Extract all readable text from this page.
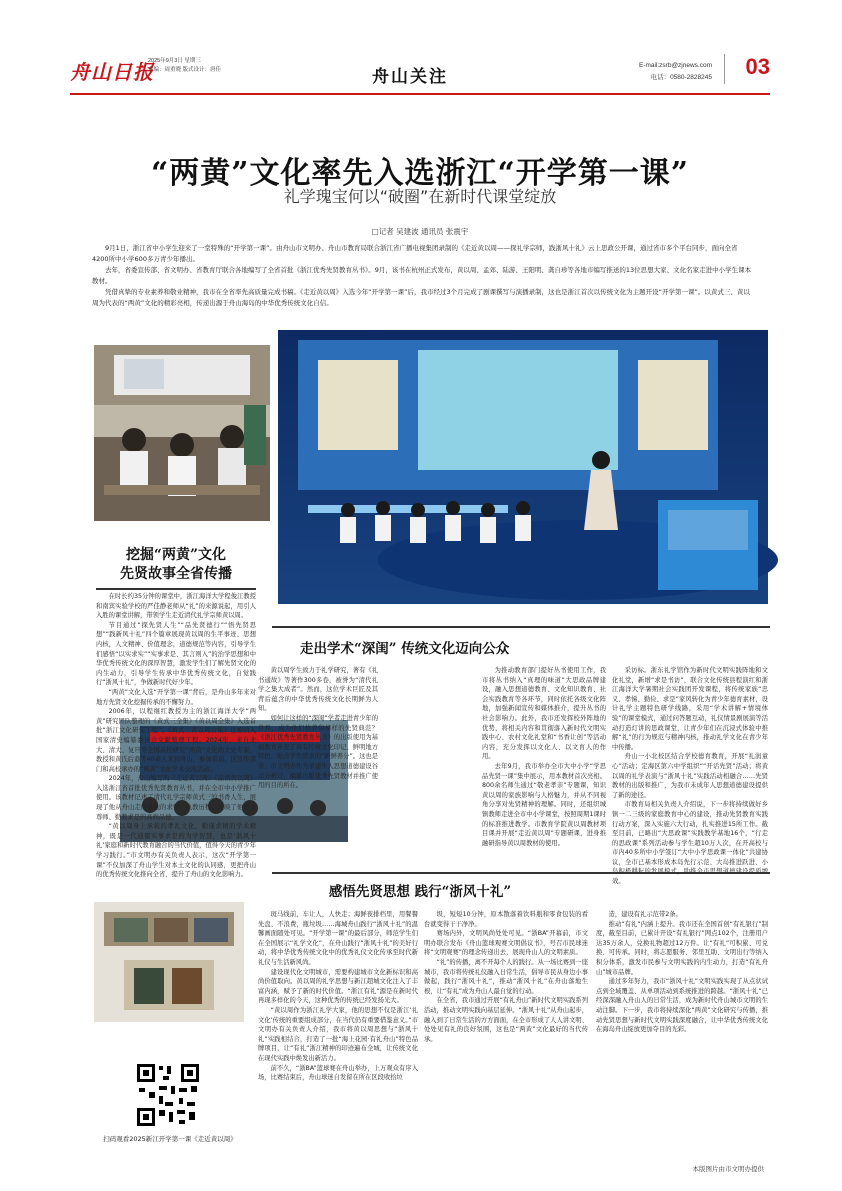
舟山日报
2025年9月3日 星期三
主编：周重晓 版式设计：唐佳	舟山关注
E-mail:zsrb@zjnews.com
电话：0580-2828245	03
“两黄”文化率先入选浙江“开学第一课”
礼学瑰宝何以“破圈”在新时代课堂绽放
□记者 吴建波 通讯员 张震宇

9月1日，浙江省中小学生迎来了一堂特殊的“开学第一课”。由舟山市文明办、舟山市教育局联合浙江省广播电视集团录制的《走近黄以周——探礼学宗师，践浙风十礼》云上思政公开课，通过省市多个平台同步，面向全省4200所中小学600多万青少年播出。

去年，省委宣传部、省文明办、省教育厅联合各地编写了全省首批《浙江优秀先贤教育丛书》。9月，该书在杭州正式发布，黄以周、孟郊、陆游、王阳明、龚自珍等各地市编写推送的13位思想大家、文化名家走进中小学生课本教材。

凭借真挚的专业素养和敬业精神，我市在全省率先高质量完成书稿。《走近黄以周》入选今年“开学第一课”后，我市经过3个月完成了剧课撰写与演播录制，这也是浙江首次以传统文化为主题开设“开学第一课”。以黄式三、黄以周为代表的“两黄”文化的精彩亮相，传递出源于舟山海岛的中华优秀传统文化自信。

挖掘“两黄”文化
先贤故事全省传播

在时长约35分钟的课堂中，浙江海洋大学程俊江教授和南宾实验学校的严佳静老师从“礼”的来源说起，用引人入胜的课堂讲解，带领学生走近清代礼学宗师黄以周。

节目通过“探先贤人生”“品先贤德行”“悟先贤思想”“践新风十礼”四个篇章展现黄以周的生平事迹、思想内核，人文精神、价值理念，道德规范等内容，引导学生们感悟“以实求实”“实事求是、其言则入”的治学思想和中华优秀传统文化的深厚智慧，激发学生们了解先贤文化的内生动力，引导学生传承中华优秀传统文化，自觉践行“浙风十礼”，争做新时代好少年。

“两黄”文化入选“开学第一课”背后，是舟山多年来对地方先贤文化挖掘传承的不懈努力。

2006年，以程继红教授为主的浙江海洋大学“两黄”研究团队整理的《黄式三全集》《黄以周全集》入选首批“浙江文化研究工程”。《黄式三黄以周合集》也被纳入国家清史编纂委员会文献整理工程。2024年，来自北大、清大、复旦等全国高校研究“两黄”文化的文史专家，教授和黄氏后裔等40余人来到舟山，参加首届，区宣传部门和高校承办的“两黄”文化学术交流活动。

2024年，舟山编写的《走近黄以周》《品读黄以周》入选浙江省首批优秀先贤教育丛书，并在全市中小学推广使用。该教材记述了清代礼学宗师黄式三的书香人生，展现了他从舟山走向各地的求学、执教历程，反映了他孝亲尊师、勤教求是的高尚品德。

“黄以周身上承载的孝礼文化，勤谨求精的学术精神，既是一代通儒实事求是的为学智慧，也是‘浙风十礼’家庭和新时代教育融合的当代价值，值得今天的青少年学习践行。”市文明办有关负责人表示，这次“开学第一课”不仅加深了舟山学生对本土文化的认同感，更把舟山的优秀传统文化推向全省，提升了舟山的文化影响力。

走出学术“深闺” 传统文化迈向公众

黄以周学生致力于礼学研究，著有《礼书通故》等著作300多卷，被誉为“清代礼学之集大成者”。然而，这位学术巨匠及其背后蕴含的中华优秀传统文化长期鲜为人知。

如何让这样的“深闺”学者走进青少年的世界，成为他们修养和榜样的先贤典范？《浙江优秀先贤教育丛书》的出版使用为基础教育补充了具有传统文化印记、鲜明地方特色、贴合学生需求的“新鲜养分”。这也是省、市文明办作为承建牛人思想道德建设谷示分析订，编纂出版优秀先贤教材并推广使用的目的所在。

为推动教育部门提好丛书使用工作，我市将丛书纳入“真理的味道”大思政品牌建设，融入思想道德教育、文化知识教育、社会实践教育等各环节，同时依托各级文化阵地，加强新闻宣传和媒体推介，提升丛书的社会影响力。此外，我市还发挥校外阵地的优势，将相关内容和贯彻落入新时代文明实践中心、农村文化礼堂和“书香让创”等活动内容，充分发挥以文化人、以文育人的作用。

去年9月，我市举办全市大中小学“学思品先贤一课”集中展示，用本教材首次亮相。800余名师生通过“敬老孝亲”专题课，知识黄以周的家族影响与人格魅力，并从不同视角分享对先贤精神的理解。同时，还组织城镇教师走进全市中小学课堂，按照周期1课时的标准推进教学。市教育学院黄以周教材项目课并开展“走近黄以周”专题研课，进身推融研指导黄以周教材的使用。

采访标。浙东礼学馆作为新时代文明实践阵地和文化礼堂，新增“求是书访”，联合文化传统县程演红和浙江海洋大学暑期社会实践团开发课程，将传统家族“忠义、孝悌、勤俭、求是”家风转化为青少年德育素材，设计礼学主题特色研学线路，采用“学术讲解+情境体验”的课堂模式，通过问答题互动，礼仪情景剧展演等活动打造灯讲的思政课堂，让青少年们在沉浸式体验中推解“礼”的行为规范与精神内核，推动礼学文化在青少年中传播。

舟山一小北校区结合学校德育教育，开展“礼润童心”活动；定海区第六中学组织““开话先贤”活动；将黄以周的礼学表演与“浙风十礼”实践活动相融合……先贤教材的出版和推广，为我市未成年人思想道德建设提供了新的途径。

市教育局相关负责人介绍说，下一步将持续做好乡镇一二三级的家庭教育中心的建设，推动先贤教育实践行动方案，深入实施六大行动，扎实推进15所工作。截至目前，已略出“大思政课”实践教学基地16个，“行走的思政课”系列活动参与学生超10万人次，在开高校与市内40多所中小学签订“大中小学思政课一体化”共建协议，全市已基本形成本岛先行示范、大岛推进跃进、小 效。

感悟先贤思想 践行“浙风十礼”

斑马线前，车让人，人快走；海鲜夜排档里，用餐餐先盘、不浪费，瓶垃圾……海城舟山践行“浙风十礼”的温馨画面随处可见。“开学第一课”的最后部分，师范学生们在全国展示“礼学文化”，在舟山践行“浙风十礼”的美好行动，将中华优秀传统文化中的优秀礼仪文化传承至时代新礼仪与生活新风尚。

建设现代化文明城市，需要构建城市文化新标识和高尚价值取向。黄以周的礼学思想与新江超城文化注入了丰富内涵，赋予了新的时代价值。“浙江有礼”源是在新时代再现多样化的今天，这种优秀的传统已经发扬光大。

“黄以周作为浙江礼学大家，他的思想不仅是浙江‘礼文化’传统的重要组成部分，在当代仍有重要借鉴意义。”市文明办有关负责人介绍，我市将黄以周思想与“浙风十礼”实践相结合，打造了一批“海上花园·有礼舟山”特色品牌项目，让“有礼”浙江精神的印迹遍布全城，让传统文化在现代实践中焕发出新活力。

前不久，“浙BA”篮球赛在舟山举办，上万观众有序入场，比赛结束后，舟山球迷自发留在所在区段收拾垃

圾，短短10分钟，原本散落着饮料瓶和零食包装的看台就变得干干净净。

赛场内外，文明风尚处处可见。“浙BA”开幕前，市文明办联合发布《舟山篮球观赛文明倡议书》，号召市民球迷将“文明观赛”的理念传递出去，展现舟山人的文明素质。

“礼”的传播，离不开每个人的践行。从一场比赛到一座城市，我市将传统礼仪融入日常生活，倡导市民从身边小事做起，践行“浙风十礼”，推动“浙风十礼”在舟山落地生根，让“有礼”成为舟山人最自觉的行动。

在全省，我市通过开展“有礼舟山”新时代文明实践系列活动，推动文明实践向基层延伸。“浙风十礼”从舟山起步，融入到了日常生活的方方面面，在全市形成了人人讲文明、处处见有礼的良好氛围，这也是“两黄”文化最好的当代传承。

造，建设有礼示范带2条。

推动“有礼”内涵上提升。我市还在全国首创“有礼银行”制度，截至目前，已累计开设“有礼银行”网点102个，注册用户达35万余人，兑换礼物超过12万件。让“有礼”可积累、可兑换、可传承。同时，将志愿服务、邻里互助、文明出行等纳入积分体系，激发市民参与文明实践的内生动力，打造“有礼舟山”城市品牌。

通过多年努力，我市“浙风十礼”文明实践实现了从点状试点到全域覆盖、从单项活动到系统推进的跨越。“浙风十礼”已经深深融入舟山人的日常生活，成为新时代舟山城市文明的生动注脚。下一步，我市将持续深化“两黄”文化研究与传播，推动先贤思想与新时代文明实践深度融合，让中华优秀传统文化在海岛舟山绽放更加夺目的光彩。

扫码观看2025新江开学第一课《走近黄以周》
本版图片由市文明办提供
